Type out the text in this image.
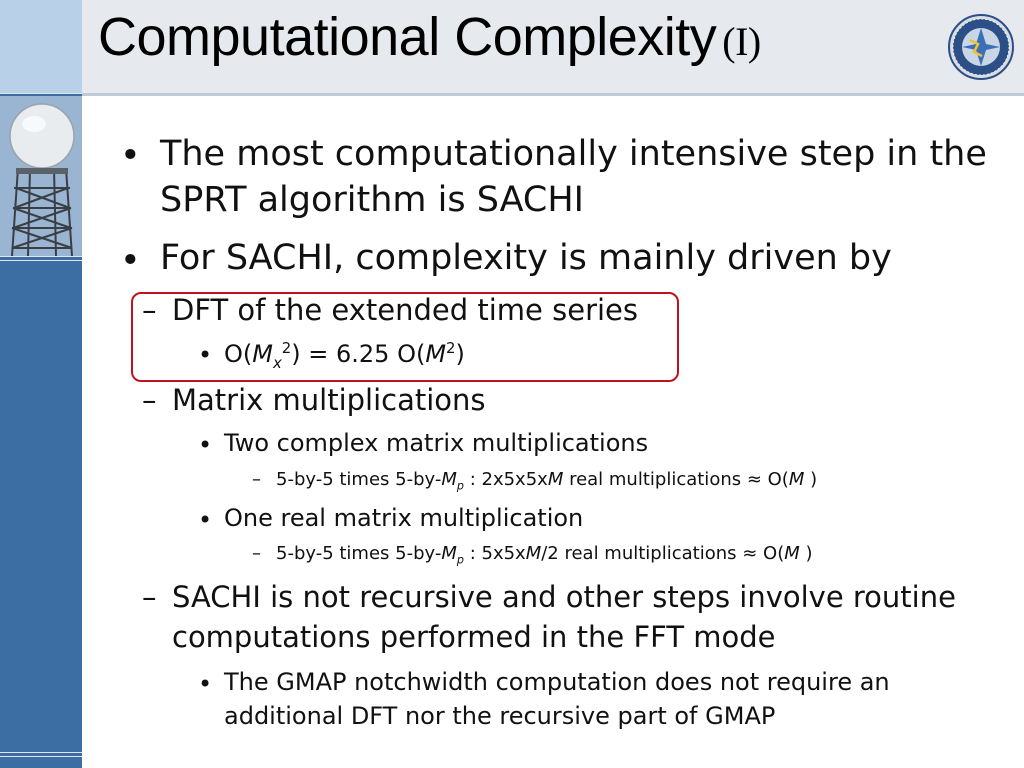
Computational Complexity (I)
• The most computationally intensive step in the
SPRT algorithm is SACHI
• For SACHI, complexity is mainly driven by
– DFT of the extended time series
• $O(M_x^2) = 6.25$ $O(M^2)$
– Matrix multiplications
• Two complex matrix multiplications
– 5-by-5 times $5-by-M_p$ : 2x5x5xM real multiplications ≈ O(M )
• One real matrix multiplication
– 5-by-5 times $5-by-M_p$ : 5x5xM/2 real multiplications ≈ O(M )
– SACHI is not recursive and other steps involve routine
computations performed in the FFT mode
• The GMAP notchwidth computation does not require an
additional DFT nor the recursive part of GMAP
